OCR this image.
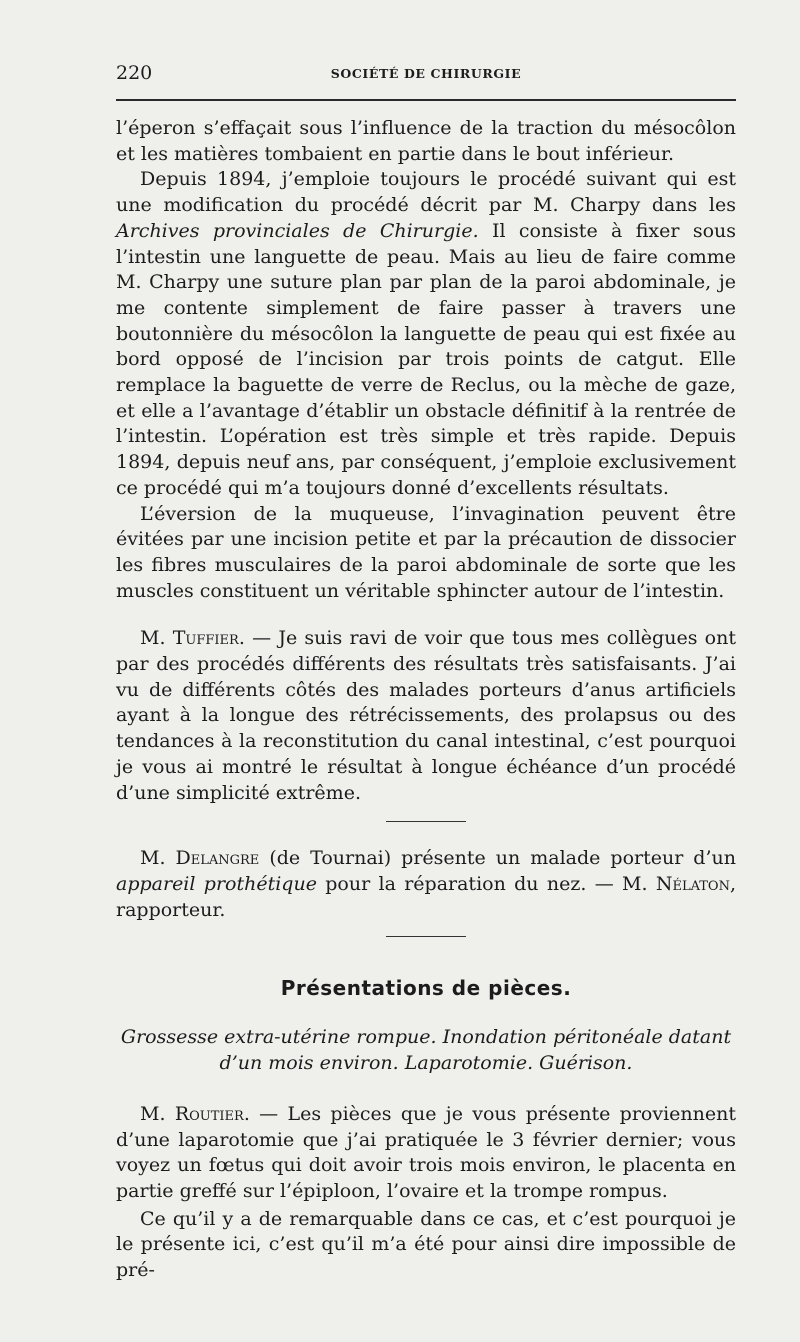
220	SOCIÉTÉ DE CHIRURGIE

l’éperon s’effaçait sous l’influence de la traction du mésocôlon et les matières tombaient en partie dans le bout inférieur.

Depuis 1894, j’emploie toujours le procédé suivant qui est une modification du procédé décrit par M. Charpy dans les Archives provinciales de Chirurgie. Il consiste à fixer sous l’intestin une languette de peau. Mais au lieu de faire comme M. Charpy une suture plan par plan de la paroi abdominale, je me contente simplement de faire passer à travers une boutonnière du mésocôlon la languette de peau qui est fixée au bord opposé de l’incision par trois points de catgut. Elle remplace la baguette de verre de Reclus, ou la mèche de gaze, et elle a l’avantage d’établir un obstacle définitif à la rentrée de l’intestin. L’opération est très simple et très rapide. Depuis 1894, depuis neuf ans, par conséquent, j’emploie exclusivement ce procédé qui m’a toujours donné d’excellents résultats.

L’éversion de la muqueuse, l’invagination peuvent être évitées par une incision petite et par la précaution de dissocier les fibres musculaires de la paroi abdominale de sorte que les muscles constituent un véritable sphincter autour de l’intestin.

M. Tuffier. — Je suis ravi de voir que tous mes collègues ont par des procédés différents des résultats très satisfaisants. J’ai vu de différents côtés des malades porteurs d’anus artificiels ayant à la longue des rétrécissements, des prolapsus ou des tendances à la reconstitution du canal intestinal, c’est pourquoi je vous ai montré le résultat à longue échéance d’un procédé d’une simplicité extrême.

M. Delangre (de Tournai) présente un malade porteur d’un appareil prothétique pour la réparation du nez. — M. Nélaton, rapporteur.

Présentations de pièces.
Grossesse extra-utérine rompue. Inondation péritonéale datant
d’un mois environ. Laparotomie. Guérison.

M. Routier. — Les pièces que je vous présente proviennent d’une laparotomie que j’ai pratiquée le 3 février dernier; vous voyez un fœtus qui doit avoir trois mois environ, le placenta en partie greffé sur l’épiploon, l’ovaire et la trompe rompus.

Ce qu’il y a de remarquable dans ce cas, et c’est pourquoi je le présente ici, c’est qu’il m’a été pour ainsi dire impossible de pré-
